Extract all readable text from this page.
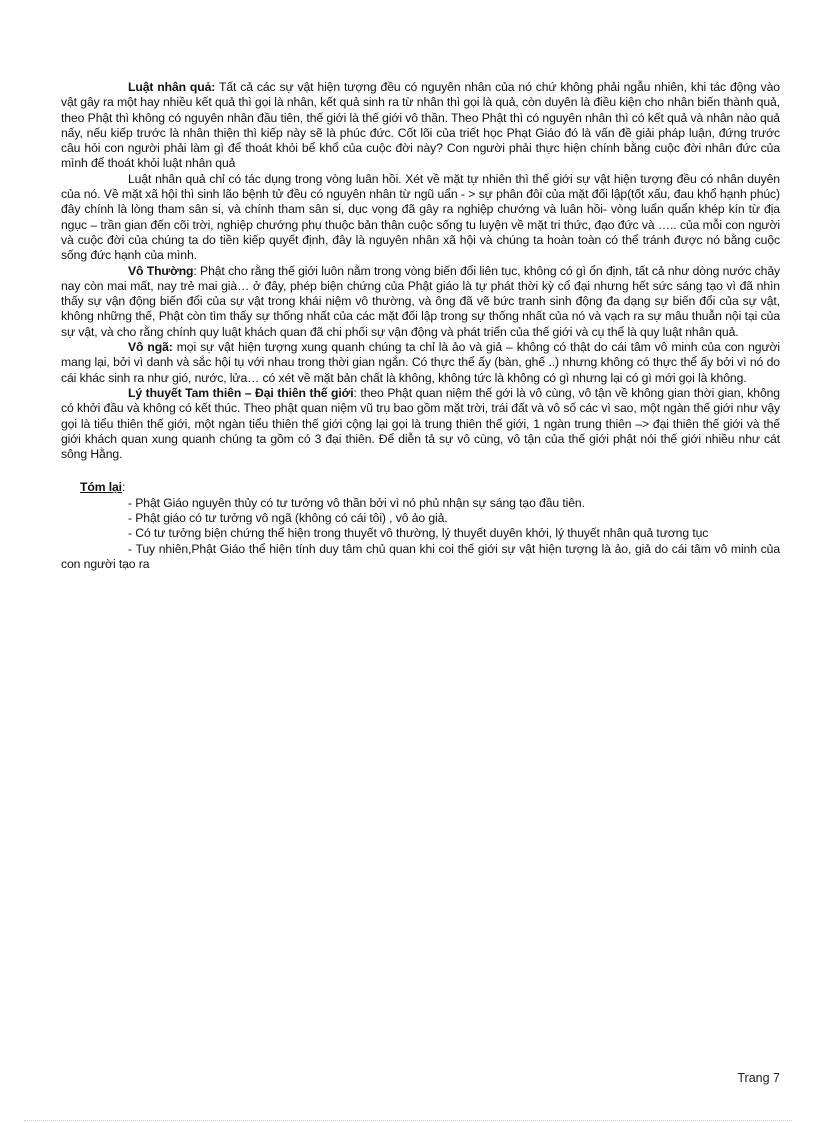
Luật nhân quả: Tất cả các sự vật hiện tượng đều có nguyên nhân của nó chứ không phải ngẫu nhiên, khi tác động vào vật gây ra một hay nhiều kết quả thì gọi là nhân, kết quả sinh ra từ nhân thì gọi là quả, còn duyên là điều kiện cho nhân biến thành quả, theo Phật thì không có nguyên nhân đầu tiên, thế giới là thế giới vô thần. Theo Phật thì có nguyên nhân thì có kết quả và nhân nào quả nấy, nếu kiếp trước là nhân thiện thì kiếp này sẽ là phúc đức. Cốt lõi của triết học Phạt Giáo đó là vấn đề giải pháp luận, đứng trước câu hỏi con người phải làm gì để thoát khỏi bể khổ của cuộc đời này? Con người phải thực hiện chính bằng cuộc đời nhân đức của mình để thoát khỏi luật nhân quả

Luật nhân quả chỉ có tác dụng trong vòng luân hồi. Xét về mặt tự nhiên thì thế giới sự vật hiện tượng đều có nhân duyên của nó. Về mặt xã hội thì sinh lão bệnh tử đều có nguyên nhân từ ngũ uẩn - > sự phân đôi của mặt đối lập(tốt xấu, đau khổ hạnh phúc) đây chính là lòng tham sân si, và chính tham sân si, dục vọng đã gây ra nghiệp chướng và luân hồi- vòng luẩn quẩn khép kín từ địa ngục – trần gian đến cõi trời, nghiệp chướng phụ thuộc bản thân cuộc sống tu luyện về mặt tri thức, đạo đức và ….. của mỗi con người và cuộc đời của chúng ta do tiền kiếp quyết định, đây là nguyên nhân xã hội và chúng ta hoàn toàn có thể tránh được nó bằng cuộc sống đức hạnh của mình.

Vô Thường: Phật cho rằng thế giới luôn nằm trong vòng biến đổi liên tục, không có gì ổn định, tất cả như dòng nước chảy nay còn mai mất, nay trẻ mai già… ở đây, phép biện chứng của Phật giáo là tự phát thời kỳ cổ đại nhưng hết sức sáng tạo vì đã nhìn thấy sự vận động biến đổi của sự vật trong khái niệm vô thường, và ông đã vẽ bức tranh sinh động đa dạng sự biến đổi của sự vật, không những thế, Phật còn tìm thấy sự thống nhất của các mặt đối lập trong sự thống nhất của nó và vạch ra sự mâu thuẫn nội tại của sự vật, và cho rằng chính quy luật khách quan đã chi phối sự vận động và phát triển của thế giới và cụ thể là quy luật nhân quả.

Vô ngã: mọi sự vật hiện tượng xung quanh chúng ta chỉ là ảo và giả – không có thật do cái tâm vô minh của con người mang lại, bởi vì danh và sắc hội tụ với nhau trong thời gian ngắn. Có thực thể ấy (bàn, ghế ..) nhưng không có thực thể ấy bởi vì nó do cái khác sinh ra như gió, nước, lửa… có xét về mặt bản chất là không, không tức là không có gì nhưng lại có gì mới gọi là không.

Lý thuyết Tam thiên – Đại thiên thế giới: theo Phật quan niệm thế gới là vô cùng, vô tận về không gian thời gian, không có khởi đầu và không có kết thúc. Theo phật quan niệm vũ trụ bao gồm mặt trời, trái đất và vô số các vì sao, một ngàn thế giới như vậy gọi là tiểu thiên thế giới, một ngàn tiểu thiên thế giới cộng lại gọi là trung thiên thế giới, 1 ngàn trung thiên –> đại thiên thế giới và thế giới khách quan xung quanh chúng ta gồm có 3 đại thiên. Để diễn tả sự vô cùng, vô tận của thế giới phật nói thế giới nhiều như cát sông Hằng.

Tóm lại:

- Phật Giáo nguyên thủy có tư tưởng vô thần bởi vì nó phủ nhận sự sáng tạo đầu tiên.

- Phật giáo có tư tưởng vô ngã (không có cái tôi) , vô ảo giả.

- Có tư tưởng biện chứng thể hiện trong thuyết vô thường, lý thuyết duyên khởi, lý thuyết nhân quả tương tục

- Tuy nhiên,Phật Giáo thể hiện tính duy tâm chủ quan khi coi thế giới sự vật hiện tượng là ảo, giả do cái tâm vô minh của con người tạo ra

Trang 7
